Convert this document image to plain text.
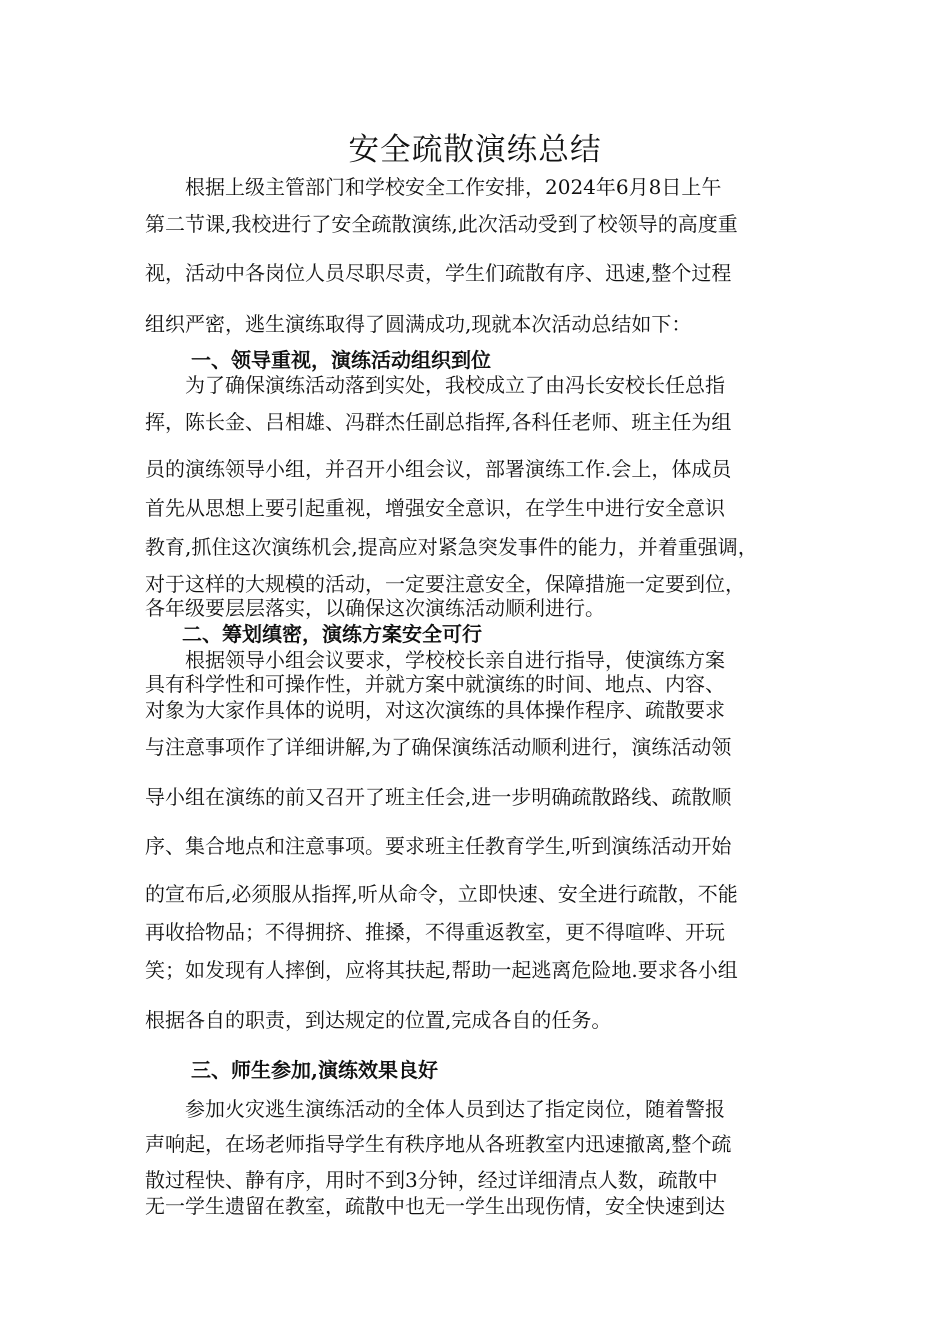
安全疏散演练总结
根据上级主管部门和学校安全工作安排，2024年6月8日上午
第二节课,我校进行了安全疏散演练,此次活动受到了校领导的高度重
视，活动中各岗位人员尽职尽责，学生们疏散有序、迅速,整个过程
组织严密，逃生演练取得了圆满成功,现就本次活动总结如下：
一、领导重视，演练活动组织到位
为了确保演练活动落到实处，我校成立了由冯长安校长任总指
挥，陈长金、吕相雄、冯群杰任副总指挥,各科任老师、班主任为组
员的演练领导小组，并召开小组会议，部署演练工作.会上，体成员
首先从思想上要引起重视，增强安全意识，在学生中进行安全意识
教育,抓住这次演练机会,提高应对紧急突发事件的能力，并着重强调，
对于这样的大规模的活动，一定要注意安全，保障措施一定要到位，
各年级要层层落实，以确保这次演练活动顺利进行。
二、筹划缜密，演练方案安全可行
根据领导小组会议要求，学校校长亲自进行指导，使演练方案
具有科学性和可操作性，并就方案中就演练的时间、地点、内容、
对象为大家作具体的说明，对这次演练的具体操作程序、疏散要求
与注意事项作了详细讲解,为了确保演练活动顺利进行，演练活动领
导小组在演练的前又召开了班主任会,进一步明确疏散路线、疏散顺
序、集合地点和注意事项。要求班主任教育学生,听到演练活动开始
的宣布后,必须服从指挥,听从命令，立即快速、安全进行疏散，不能
再收拾物品；不得拥挤、推搡，不得重返教室，更不得喧哗、开玩
笑；如发现有人摔倒，应将其扶起,帮助一起逃离危险地.要求各小组
根据各自的职责，到达规定的位置,完成各自的任务。
三、师生参加,演练效果良好
参加火灾逃生演练活动的全体人员到达了指定岗位，随着警报
声响起，在场老师指导学生有秩序地从各班教室内迅速撤离,整个疏
散过程快、静有序，用时不到3分钟，经过详细清点人数，疏散中
无一学生遗留在教室，疏散中也无一学生出现伤情，安全快速到达
